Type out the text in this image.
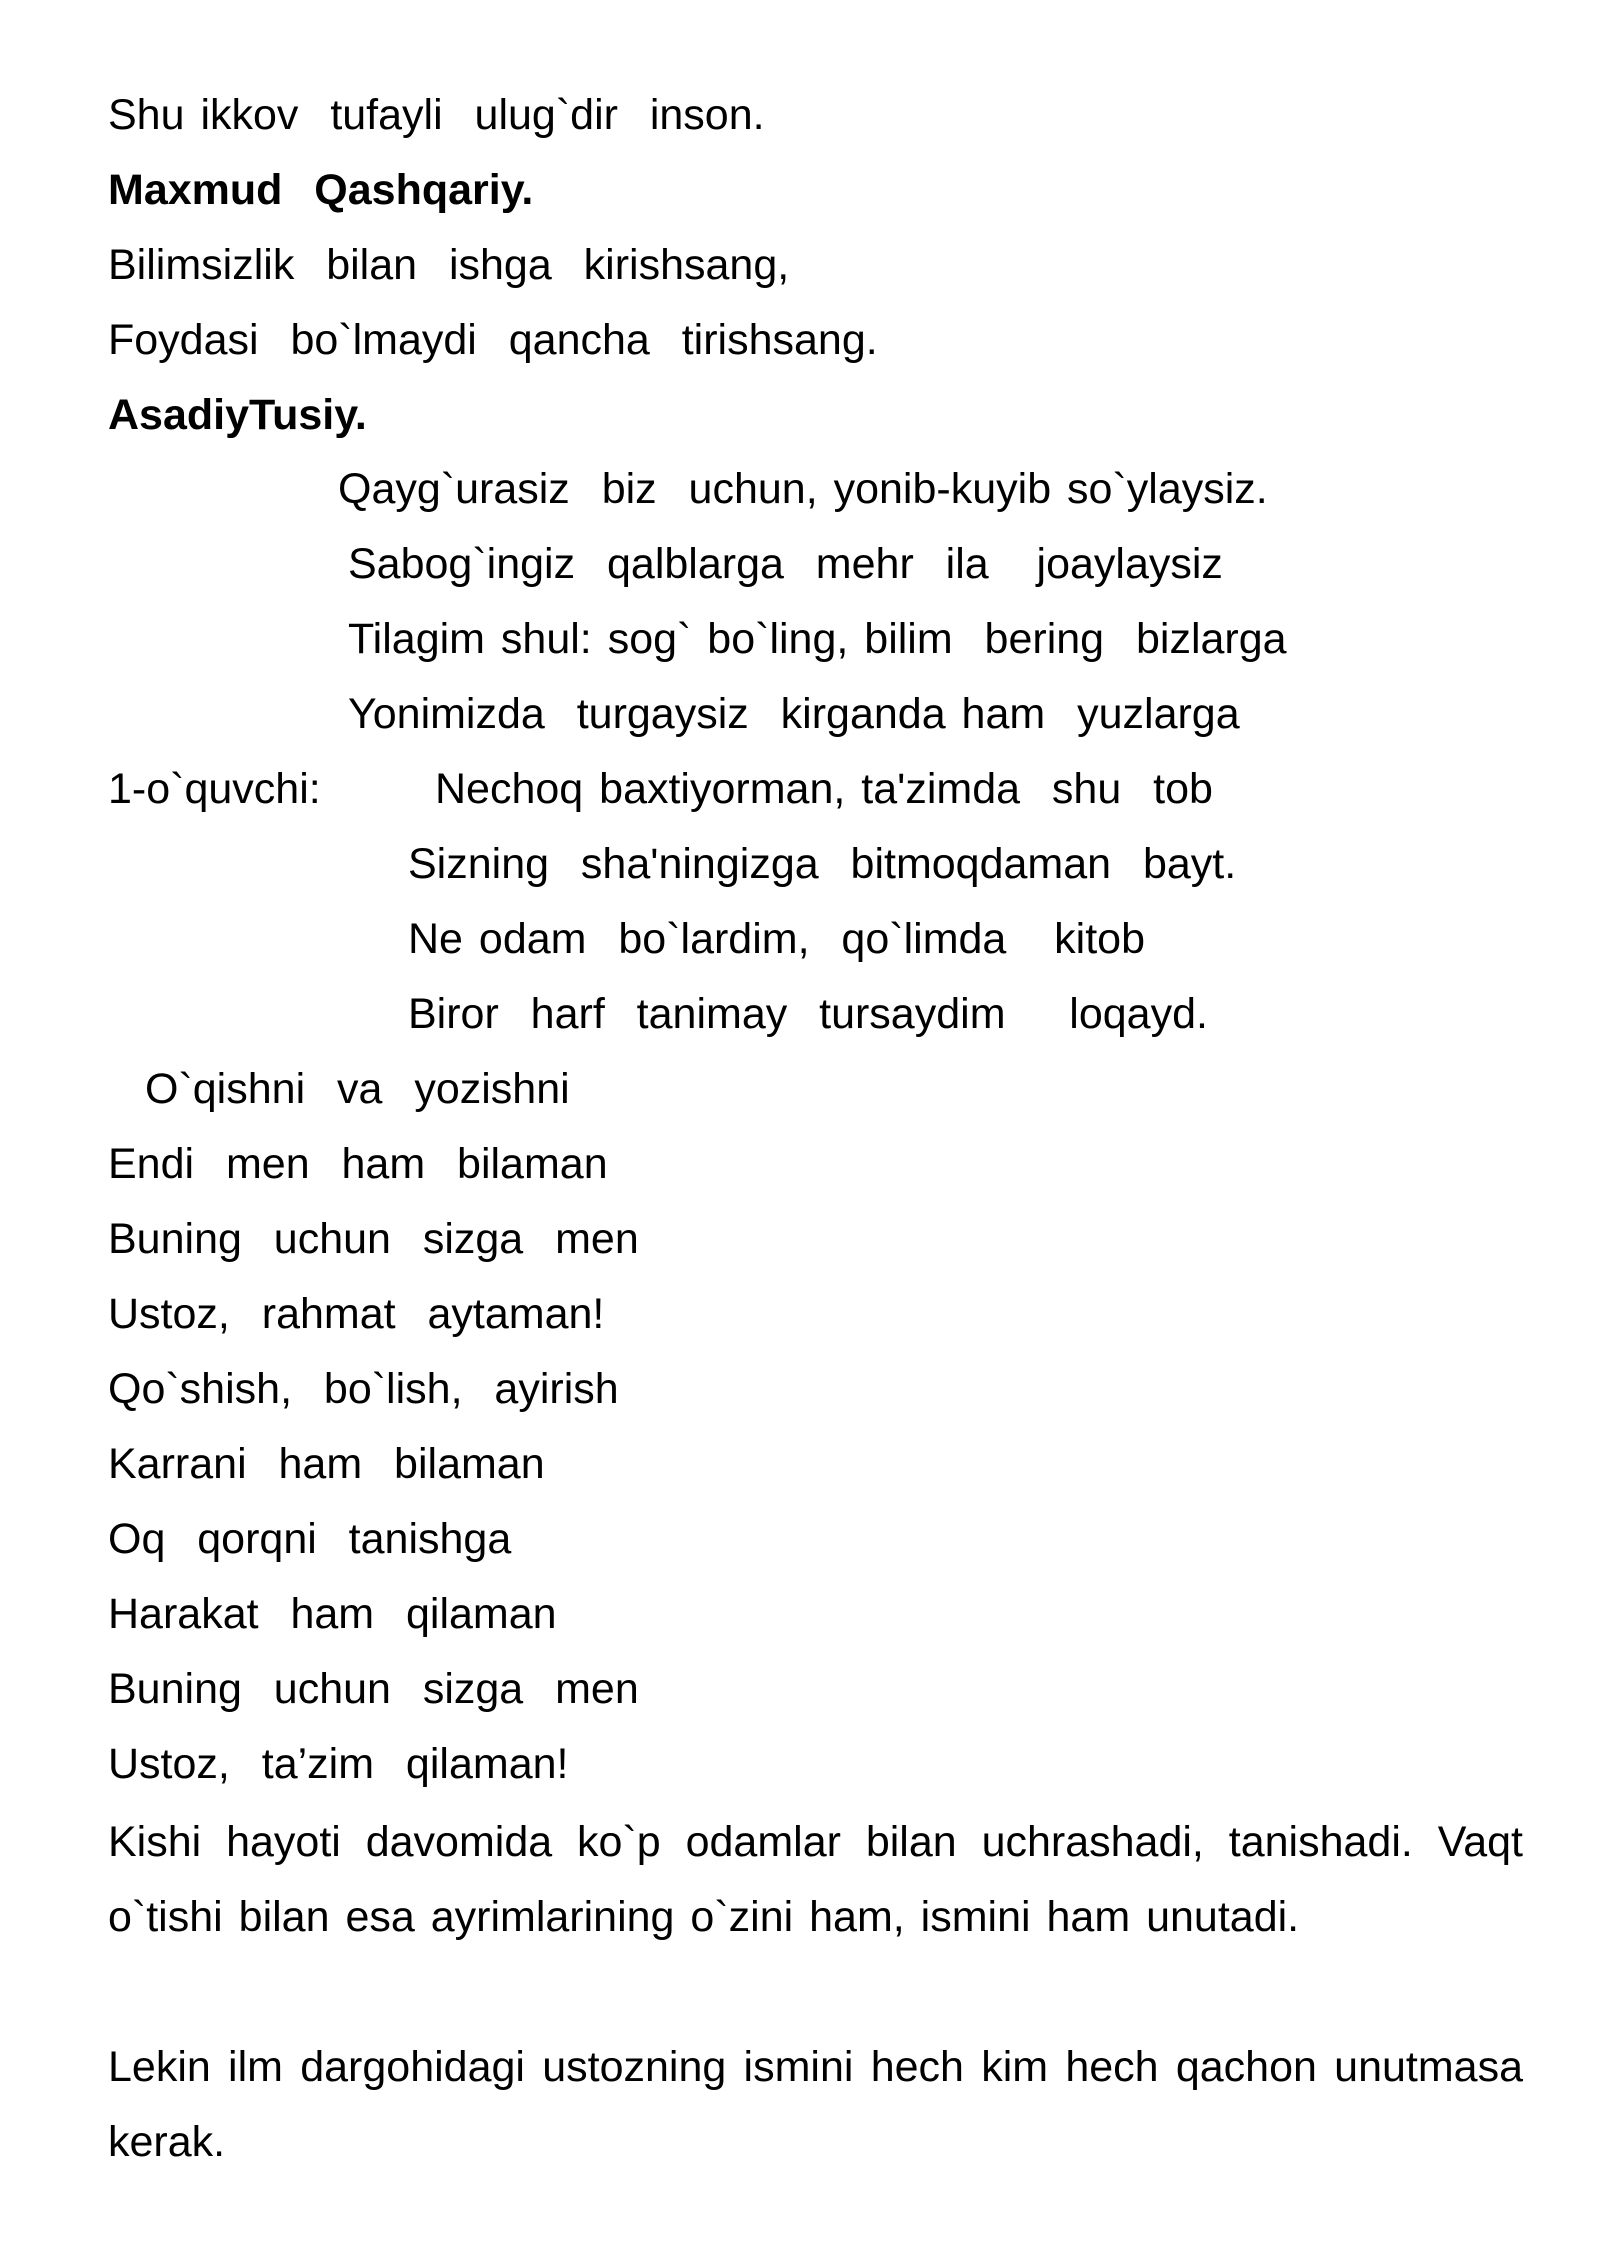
Shu ikkov  tufayli  ulug`dir  inson.
Maxmud  Qashqariy.
Bilimsizlik  bilan  ishga  kirishsang,
Foydasi  bo`lmaydi  qancha  tirishsang.
AsadiyTusiy.
Qayg`urasiz  biz  uchun, yonib-kuyib so`ylaysiz.
Sabog`ingiz  qalblarga  mehr  ila   joaylaysiz
Tilagim shul: sog` bo`ling, bilim  bering  bizlarga
Yonimizda  turgaysiz  kirganda ham  yuzlarga
1-o`quvchi:	Nechoq baxtiyorman, ta'zimda  shu  tob
Sizning  sha'ningizga  bitmoqdaman  bayt.
Ne odam  bo`lardim,  qo`limda   kitob
Biror  harf  tanimay  tursaydim    loqayd.
O`qishni  va  yozishni
Endi  men  ham  bilaman
Buning  uchun  sizga  men
Ustoz,  rahmat  aytaman!
Qo`shish,  bo`lish,  ayirish
Karrani  ham  bilaman
Oq  qorqni  tanishga
Harakat  ham  qilaman
Buning  uchun  sizga  men
Ustoz,  ta’zim  qilaman!
Kishi hayoti davomida ko`p odamlar bilan uchrashadi, tanishadi. Vaqt o`tishi bilan esa ayrimlarining o`zini ham, ismini ham unutadi.
Lekin ilm dargohidagi ustozning ismini hech kim hech qachon unutmasa kerak.
